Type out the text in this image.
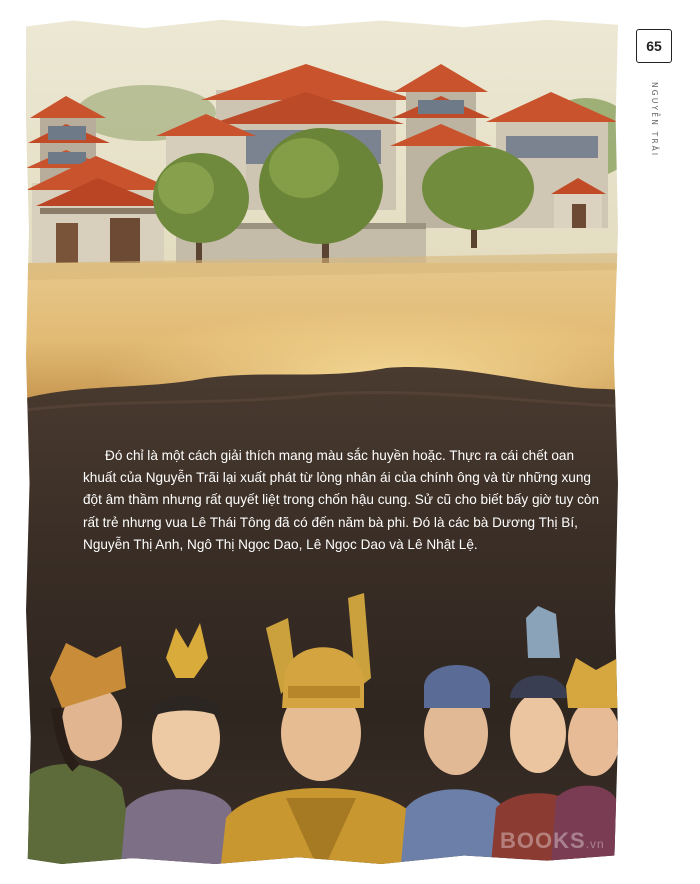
65
NGUYỄN TRÃI

Đó chỉ là một cách giải thích mang màu sắc huyền hoặc. Thực ra cái chết oan khuất của Nguyễn Trãi lại xuất phát từ lòng nhân ái của chính ông và từ những xung đột âm thầm nhưng rất quyết liệt trong chốn hậu cung. Sử cũ cho biết bấy giờ tuy còn rất trẻ nhưng vua Lê Thái Tông đã có đến năm bà phi. Đó là các bà Dương Thị Bí, Nguyễn Thị Anh, Ngô Thị Ngọc Dao, Lê Ngọc Dao và Lê Nhật Lệ.

BOOKS.vn
